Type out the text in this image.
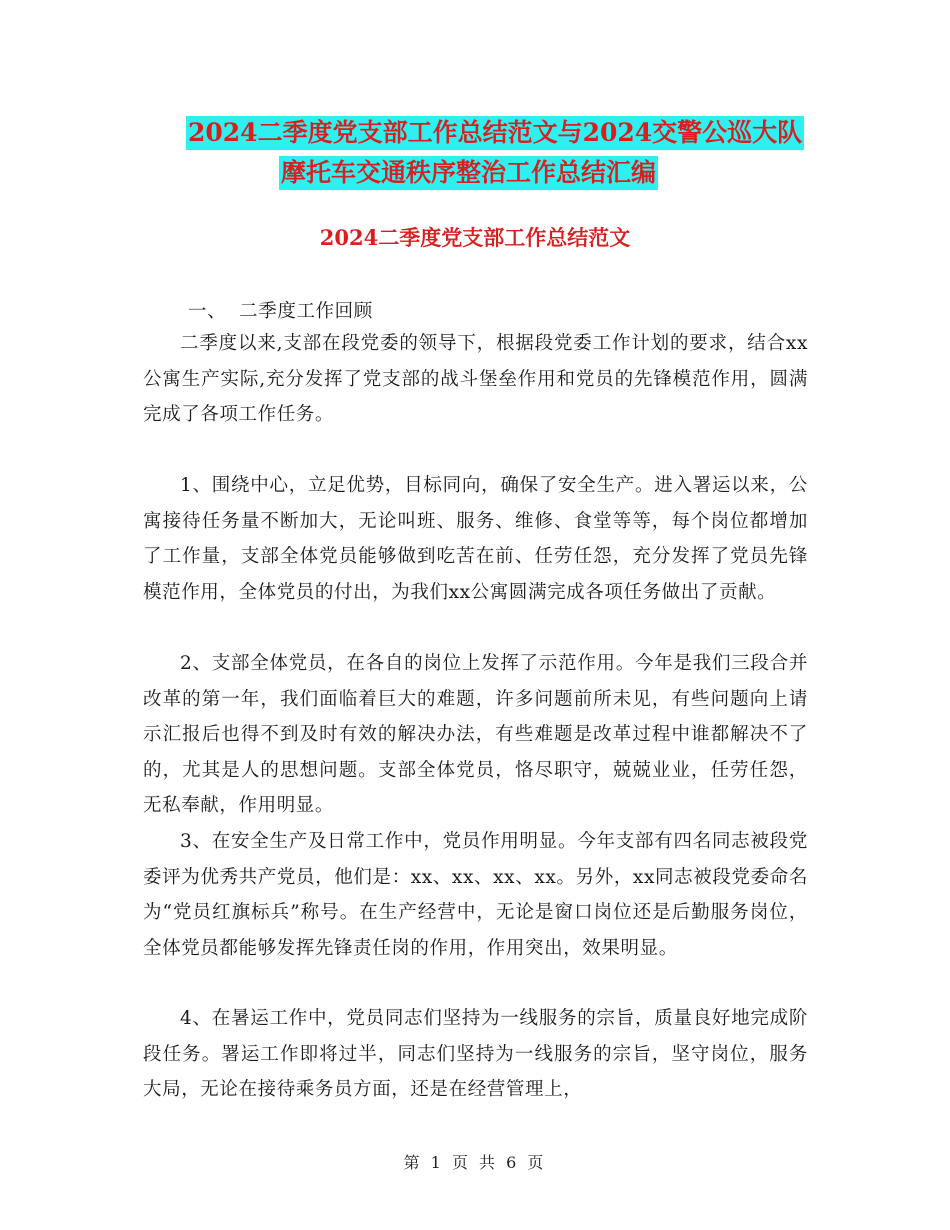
2024二季度党支部工作总结范文与2024交警公巡大队
摩托车交通秩序整治工作总结汇编
2024二季度党支部工作总结范文
一、  二季度工作回顾

二季度以来,支部在段党委的领导下，根据段党委工作计划的要求，结合xx公寓生产实际,充分发挥了党支部的战斗堡垒作用和党员的先锋模范作用，圆满完成了各项工作任务。

1、围绕中心，立足优势，目标同向，确保了安全生产。进入署运以来，公寓接待任务量不断加大，无论叫班、服务、维修、食堂等等，每个岗位都增加了工作量，支部全体党员能够做到吃苦在前、任劳任怨，充分发挥了党员先锋模范作用，全体党员的付出，为我们xx公寓圆满完成各项任务做出了贡献。

2、支部全体党员，在各自的岗位上发挥了示范作用。今年是我们三段合并改革的第一年，我们面临着巨大的难题，许多问题前所未见，有些问题向上请示汇报后也得不到及时有效的解决办法，有些难题是改革过程中谁都解决不了的，尤其是人的思想问题。支部全体党员，恪尽职守，兢兢业业，任劳任怨，无私奉献，作用明显。

3、在安全生产及日常工作中，党员作用明显。今年支部有四名同志被段党委评为优秀共产党员，他们是：xx、xx、xx、xx。另外，xx同志被段党委命名为“党员红旗标兵”称号。在生产经营中，无论是窗口岗位还是后勤服务岗位，全体党员都能够发挥先锋责任岗的作用，作用突出，效果明显。

4、在暑运工作中，党员同志们坚持为一线服务的宗旨，质量良好地完成阶段任务。署运工作即将过半，同志们坚持为一线服务的宗旨，坚守岗位，服务大局，无论在接待乘务员方面，还是在经营管理上，

第 1 页 共 6 页
